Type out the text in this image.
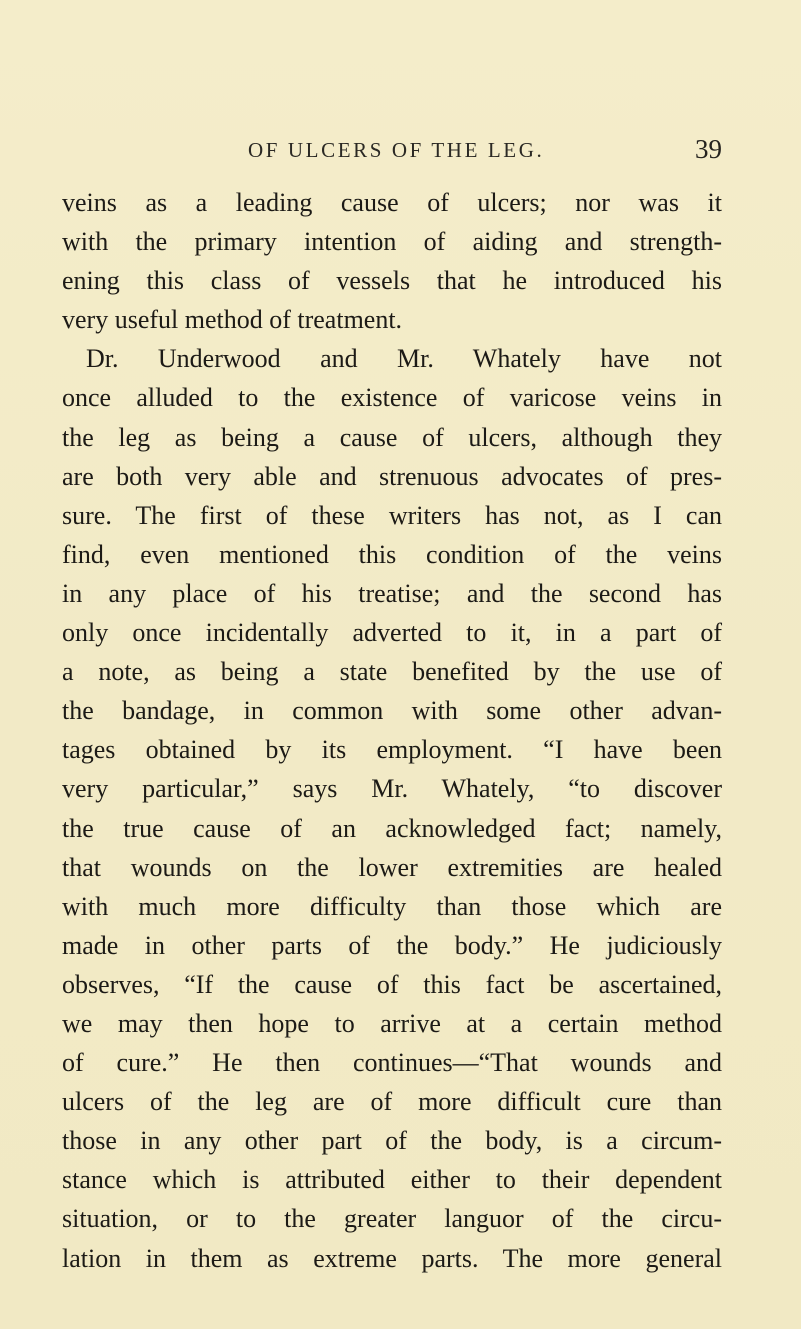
OF ULCERS OF THE LEG.	39
veins as a leading cause of ulcers; nor was it
with the primary intention of aiding and strength-
ening this class of vessels that he introduced his
very useful method of treatment.
Dr. Underwood and Mr. Whately have not
once alluded to the existence of varicose veins in
the leg as being a cause of ulcers, although they
are both very able and strenuous advocates of pres-
sure. The first of these writers has not, as I can
find, even mentioned this condition of the veins
in any place of his treatise; and the second has
only once incidentally adverted to it, in a part of
a note, as being a state benefited by the use of
the bandage, in common with some other advan-
tages obtained by its employment. “I have been
very particular,” says Mr. Whately, “to discover
the true cause of an acknowledged fact; namely,
that wounds on the lower extremities are healed
with much more difficulty than those which are
made in other parts of the body.” He judiciously
observes, “If the cause of this fact be ascertained,
we may then hope to arrive at a certain method
of cure.” He then continues—“That wounds and
ulcers of the leg are of more difficult cure than
those in any other part of the body, is a circum-
stance which is attributed either to their dependent
situation, or to the greater languor of the circu-
lation in them as extreme parts. The more general
